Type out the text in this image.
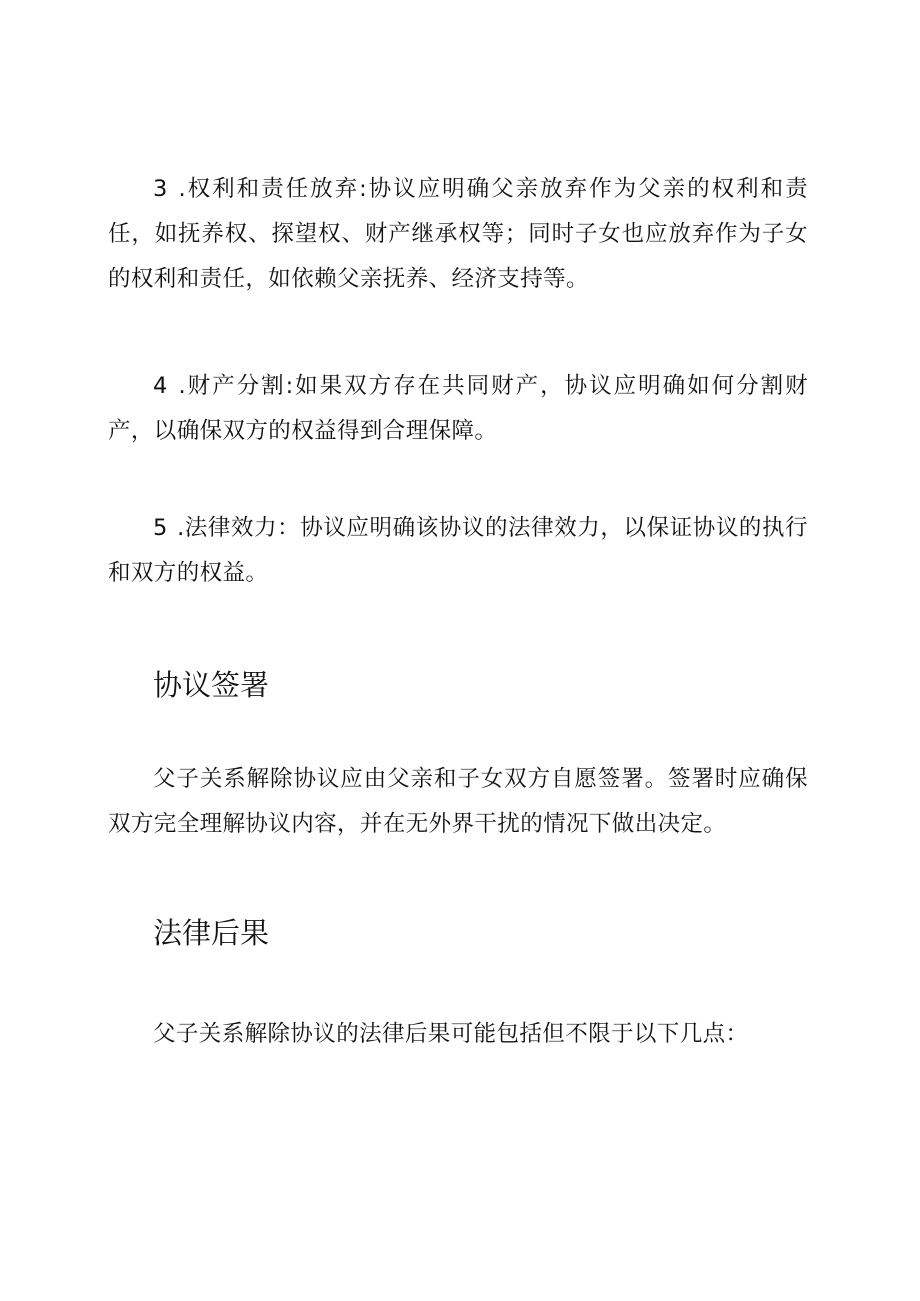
3 .权利和责任放弃:协议应明确父亲放弃作为父亲的权利和责任，如抚养权、探望权、财产继承权等；同时子女也应放弃作为子女的权利和责任，如依赖父亲抚养、经济支持等。

4 .财产分割:如果双方存在共同财产，协议应明确如何分割财产，以确保双方的权益得到合理保障。

5 .法律效力：协议应明确该协议的法律效力，以保证协议的执行和双方的权益。

协议签署

父子关系解除协议应由父亲和子女双方自愿签署。签署时应确保双方完全理解协议内容，并在无外界干扰的情况下做出决定。

法律后果

父子关系解除协议的法律后果可能包括但不限于以下几点：
